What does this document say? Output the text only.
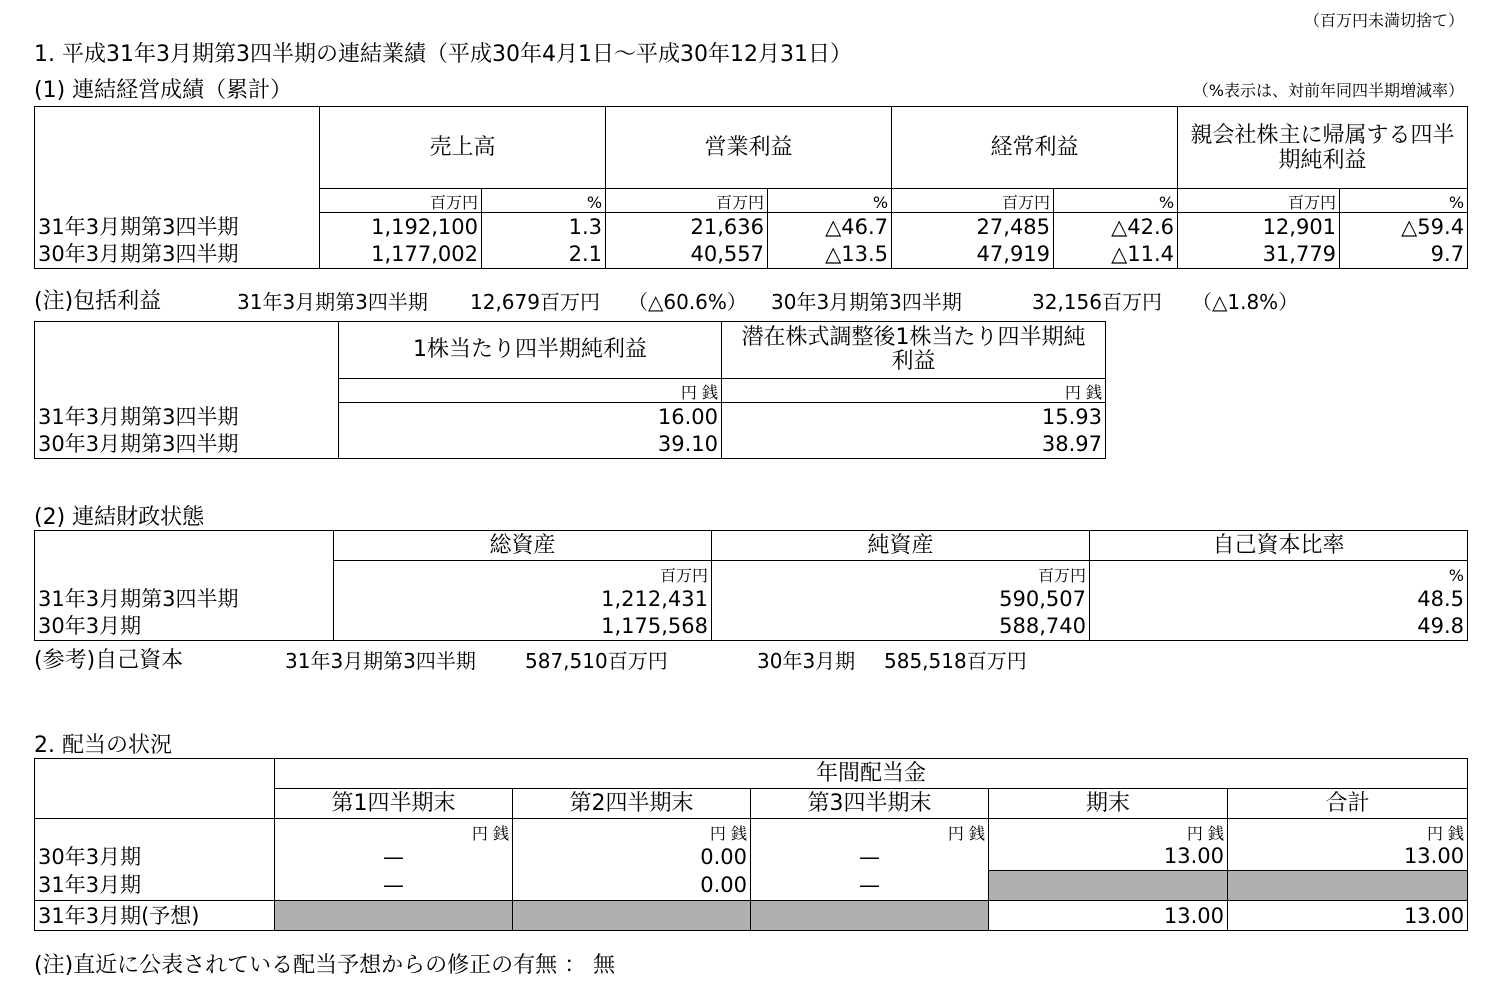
（百万円未満切捨て）
1. 平成31年3月期第3四半期の連結業績（平成30年4月1日～平成30年12月31日）
(1) 連結経営成績（累計）	（%表示は、対前年同四半期増減率）
	売上高		営業利益		経常利益		親会社株主に帰属する四半期純利益	
	百万円	%	百万円	%	百万円	%	百万円	%
31年3月期第3四半期	1,192,100	1.3	21,636	△46.7	27,485	△42.6	12,901	△59.4
30年3月期第3四半期	1,177,002	2.1	40,557	△13.5	47,919	△11.4	31,779	9.7
(注)包括利益	31年3月期第3四半期 12,679百万円 （△60.6%） 30年3月期第3四半期	32,156百万円 （△1.8%）
	1株当たり四半期純利益	潜在株式調整後1株当たり四半期純利益
	円 銭	円 銭
31年3月期第3四半期	16.00	15.93
30年3月期第3四半期	39.10	38.97
(2) 連結財政状態
	総資産	純資産	自己資本比率
	百万円	百万円	%
31年3月期第3四半期	1,212,431	590,507	48.5
30年3月期	1,175,568	588,740	49.8
(参考)自己資本	31年3月期第3四半期 587,510百万円	30年3月期 585,518百万円
2. 配当の状況
	年間配当金				
	第1四半期末	第2四半期末	第3四半期末	期末	合計
	円 銭	円 銭	円 銭	円 銭	円 銭
30年3月期	—	0.00	—	13.00	13.00
31年3月期	—	0.00	—		
31年3月期(予想)				13.00	13.00
(注)直近に公表されている配当予想からの修正の有無 ： 無
